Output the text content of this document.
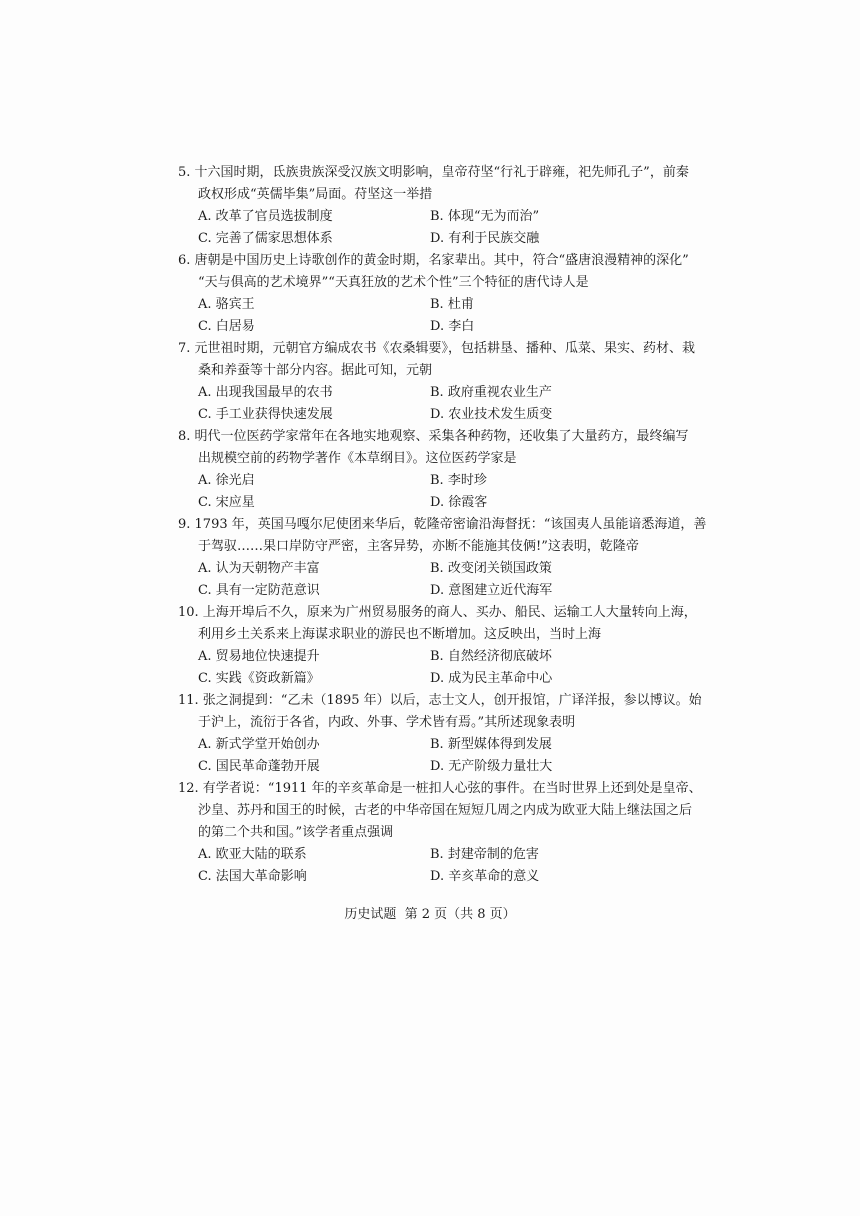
5. 十六国时期，氐族贵族深受汉族文明影响，皇帝苻坚“行礼于辟雍，祀先师孔子”，前秦
政权形成“英儒毕集”局面。苻坚这一举措
A. 改革了官员选拔制度	B. 体现“无为而治”
C. 完善了儒家思想体系	D. 有利于民族交融
6. 唐朝是中国历史上诗歌创作的黄金时期，名家辈出。其中，符合“盛唐浪漫精神的深化”
“天与俱高的艺术境界”“天真狂放的艺术个性”三个特征的唐代诗人是
A. 骆宾王	B. 杜甫
C. 白居易	D. 李白
7. 元世祖时期，元朝官方编成农书《农桑辑要》，包括耕垦、播种、瓜菜、果实、药材、栽
桑和养蚕等十部分内容。据此可知，元朝
A. 出现我国最早的农书	B. 政府重视农业生产
C. 手工业获得快速发展	D. 农业技术发生质变
8. 明代一位医药学家常年在各地实地观察、采集各种药物，还收集了大量药方，最终编写
出规模空前的药物学著作《本草纲目》。这位医药学家是
A. 徐光启	B. 李时珍
C. 宋应星	D. 徐霞客
9. 1793 年，英国马嘎尔尼使团来华后，乾隆帝密谕沿海督抚：“该国夷人虽能谙悉海道，善
于驾驭……果口岸防守严密，主客异势，亦断不能施其伎俩!”这表明，乾隆帝
A. 认为天朝物产丰富	B. 改变闭关锁国政策
C. 具有一定防范意识	D. 意图建立近代海军
10. 上海开埠后不久，原来为广州贸易服务的商人、买办、船民、运输工人大量转向上海，
利用乡土关系来上海谋求职业的游民也不断增加。这反映出，当时上海
A. 贸易地位快速提升	B. 自然经济彻底破坏
C. 实践《资政新篇》	D. 成为民主革命中心
11. 张之洞提到：“乙未（1895 年）以后，志士文人，创开报馆，广译洋报，参以博议。始
于沪上，流衍于各省，内政、外事、学术皆有焉。”其所述现象表明
A. 新式学堂开始创办	B. 新型媒体得到发展
C. 国民革命蓬勃开展	D. 无产阶级力量壮大
12. 有学者说：“1911 年的辛亥革命是一桩扣人心弦的事件。在当时世界上还到处是皇帝、
沙皇、苏丹和国王的时候，古老的中华帝国在短短几周之内成为欧亚大陆上继法国之后
的第二个共和国。”该学者重点强调
A. 欧亚大陆的联系	B. 封建帝制的危害
C. 法国大革命影响	D. 辛亥革命的意义
历史试题 第 2 页（共 8 页）
